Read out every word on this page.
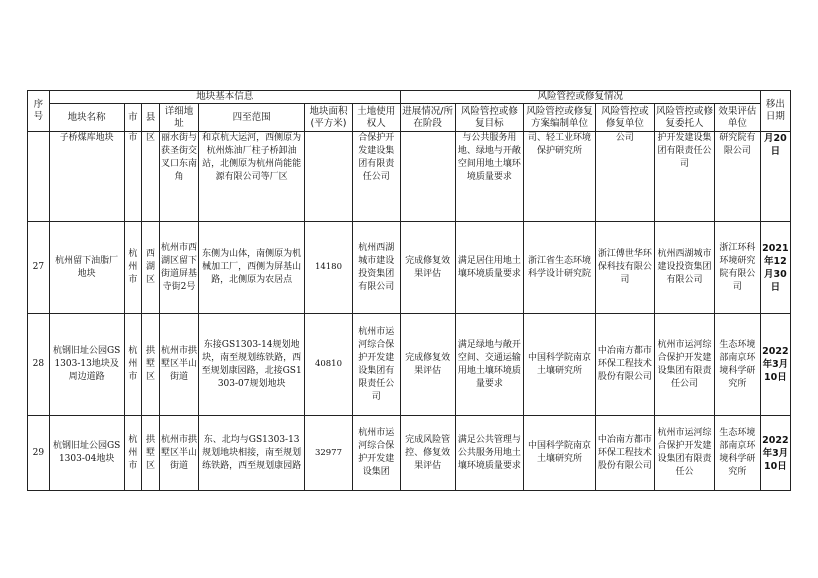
序号	地块基本信息							风险管控或修复情况						移出日期
	地块名称	市	县	详细地址	四至范围	地块面积(平方米)	土地使用权人	进展情况/所在阶段	风险管控或修复目标	风险管控或修复方案编制单位	风险管控或修复单位	风险管控或修复委托人	效果评估单位	
	子桥煤库地块	市	区	丽水街与获圣街交叉口东南角	和京杭大运河，西侧原为杭州炼油厂柱子桥卸油站，北侧原为杭州尚能能源有限公司等厂区		合保护开发建设集团有限责任公司		与公共服务用地、绿地与开敞空间用地土壤环境质量要求	司、轻工业环境保护研究所	公司	护开发建设集团有限责任公司	研究院有限公司	月20日
27	杭州留下油脂厂地块	杭州市	西湖区	杭州市西湖区留下街道屏基寺街2号	东侧为山体，南侧原为机械加工厂，西侧为屏基山路，北侧原为农居点	14180	杭州西湖城市建设投资集团有限公司	完成修复效果评估	满足居住用地土壤环境质量要求	浙江省生态环境科学设计研究院	浙江傅世华环保科技有限公司	杭州西湖城市建设投资集团有限公司	浙江环科环境研究院有限公司	2021年12月30日
28	杭钢旧址公园GS1303-13地块及周边道路	杭州市	拱墅区	杭州市拱墅区半山街道	东接GS1303-14规划地块，南至规划练铁路，西至规划康园路，北接GS1303-07规划地块	40810	杭州市运河综合保护开发建设集团有限责任公司	完成修复效果评估	满足绿地与敞开空间、交通运输用地土壤环境质量要求	中国科学院南京土壤研究所	中冶南方都市环保工程技术股份有限公司	杭州市运河综合保护开发建设集团有限责任公司	生态环境部南京环境科学研究所	2022年3月10日
29	杭钢旧址公园GS1303-04地块	杭州市	拱墅区	杭州市拱墅区半山街道	东、北均与GS1303-13规划地块相接，南至规划练铁路，西至规划康园路	32977	杭州市运河综合保护开发建设集团	完成风险管控、修复效果评估	满足公共管理与公共服务用地土壤环境质量要求	中国科学院南京土壤研究所	中冶南方都市环保工程技术股份有限公司	杭州市运河综合保护开发建设集团有限责任公	生态环境部南京环境科学研究所	2022年3月10日
